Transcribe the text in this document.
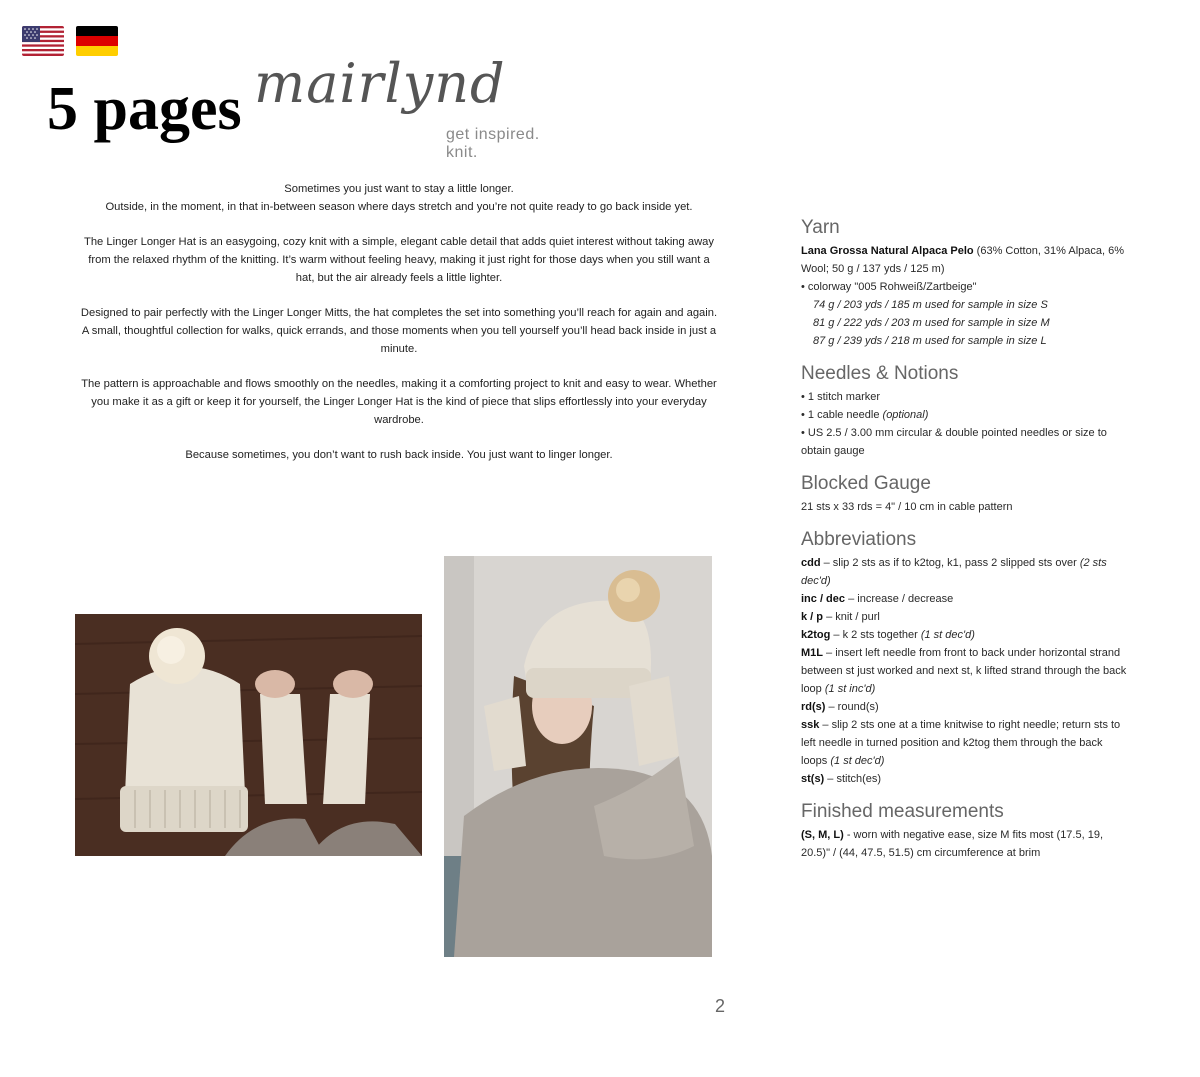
5 pages mairlynd
get inspired. knit.

Sometimes you just want to stay a little longer.
Outside, in the moment, in that in-between season where days stretch and you’re not quite ready to go back inside yet.

The Linger Longer Hat is an easygoing, cozy knit with a simple, elegant cable detail that adds quiet interest without taking away from the relaxed rhythm of the knitting. It’s warm without feeling heavy, making it just right for those days when you still want a hat, but the air already feels a little lighter.

Designed to pair perfectly with the Linger Longer Mitts, the hat completes the set into something you’ll reach for again and again. A small, thoughtful collection for walks, quick errands, and those moments when you tell yourself you’ll head back inside in just a minute.

The pattern is approachable and flows smoothly on the needles, making it a comforting project to knit and easy to wear. Whether you make it as a gift or keep it for yourself, the Linger Longer Hat is the kind of piece that slips effortlessly into your everyday wardrobe.

Because sometimes, you don’t want to rush back inside. You just want to linger longer.

Yarn

Lana Grossa Natural Alpaca Pelo (63% Cotton, 31% Alpaca, 6% Wool; 50 g / 137 yds / 125 m)

• colorway "005 Rohweiß/Zartbeige"

74 g / 203 yds / 185 m used for sample in size S

81 g / 222 yds / 203 m used for sample in size M

87 g / 239 yds / 218 m used for sample in size L

Needles & Notions

• 1 stitch marker

• 1 cable needle (optional)

• US 2.5 / 3.00 mm circular & double pointed needles or size to obtain gauge

Blocked Gauge

21 sts x 33 rds = 4" / 10 cm in cable pattern

Abbreviations

cdd – slip 2 sts as if to k2tog, k1, pass 2 slipped sts over (2 sts dec'd)

inc / dec – increase / decrease

k / p – knit / purl

k2tog – k 2 sts together (1 st dec'd)

M1L – insert left needle from front to back under horizontal strand between st just worked and next st, k lifted strand through the back loop (1 st inc'd)

rd(s) – round(s)

ssk – slip 2 sts one at a time knitwise to right needle; return sts to left needle in turned position and k2tog them through the back loops (1 st dec'd)

st(s) – stitch(es)

Finished measurements

(S, M, L) - worn with negative ease, size M fits most (17.5, 19, 20.5)" / (44, 47.5, 51.5) cm circumference at brim

2
